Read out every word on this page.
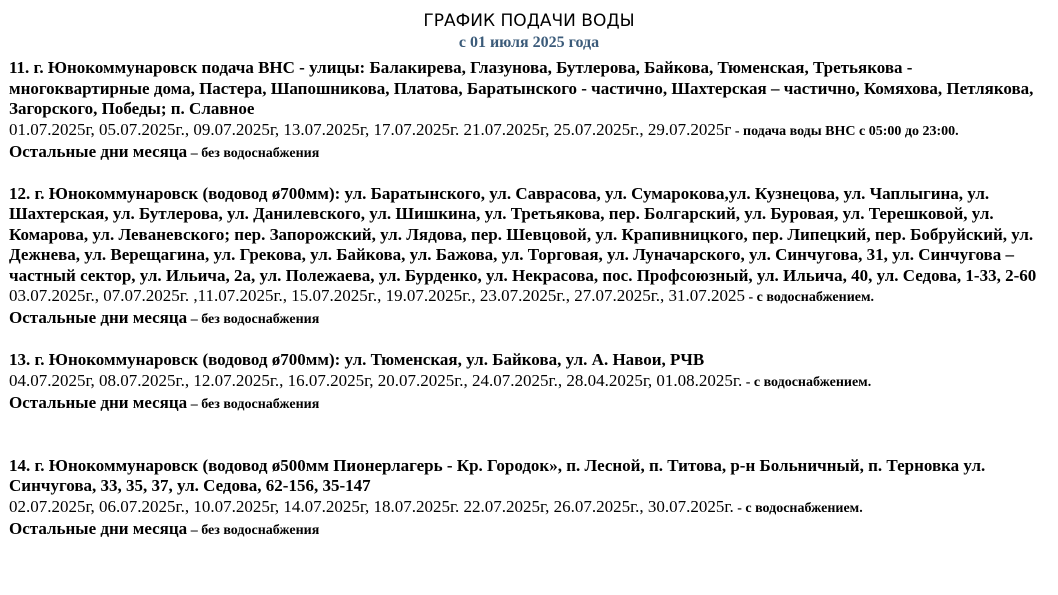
ГРАФИК ПОДАЧИ ВОДЫ
с 01 июля 2025 года
11. г. Юнокоммунаровск подача ВНС - улицы: Балакирева, Глазунова, Бутлерова, Байкова, Тюменская, Третьякова - многоквартирные дома, Пастера, Шапошникова, Платова, Баратынского - частично, Шахтерская – частично, Комяхова, Петлякова, Загорского, Победы; п. Славное
01.07.2025г, 05.07.2025г., 09.07.2025г, 13.07.2025г, 17.07.2025г. 21.07.2025г, 25.07.2025г., 29.07.2025г - подача воды ВНС с 05:00 до 23:00.
Остальные дни месяца – без водоснабжения
12. г. Юнокоммунаровск (водовод ø700мм): ул. Баратынского, ул. Саврасова, ул. Сумарокова,ул. Кузнецова, ул. Чаплыгина, ул. Шахтерская, ул. Бутлерова, ул. Данилевского, ул. Шишкина, ул. Третьякова, пер. Болгарский, ул. Буровая, ул. Терешковой, ул. Комарова, ул. Леваневского; пер. Запорожский, ул. Лядова, пер. Шевцовой, ул. Крапивницкого, пер. Липецкий, пер. Бобруйский, ул. Дежнева, ул. Верещагина, ул. Грекова, ул. Байкова, ул. Бажова, ул. Торговая, ул. Луначарского, ул. Синчугова, 31, ул. Синчугова – частный сектор, ул. Ильича, 2а, ул. Полежаева, ул. Бурденко, ул. Некрасова, пос. Профсоюзный, ул. Ильича, 40, ул. Седова, 1-33, 2-60
03.07.2025г., 07.07.2025г. ,11.07.2025г., 15.07.2025г., 19.07.2025г., 23.07.2025г., 27.07.2025г., 31.07.2025 - с водоснабжением.
Остальные дни месяца – без водоснабжения
13. г. Юнокоммунаровск (водовод ø700мм): ул. Тюменская, ул. Байкова, ул. А. Навои, РЧВ
04.07.2025г, 08.07.2025г., 12.07.2025г., 16.07.2025г, 20.07.2025г., 24.07.2025г., 28.04.2025г, 01.08.2025г. - с водоснабжением.
Остальные дни месяца – без водоснабжения
14. г. Юнокоммунаровск (водовод ø500мм Пионерлагерь - Кр. Городок», п. Лесной, п. Титова, р-н Больничный, п. Терновка ул. Синчугова, 33, 35, 37, ул. Седова, 62-156, 35-147
02.07.2025г, 06.07.2025г., 10.07.2025г, 14.07.2025г, 18.07.2025г. 22.07.2025г, 26.07.2025г., 30.07.2025г. - с водоснабжением.
Остальные дни месяца – без водоснабжения
